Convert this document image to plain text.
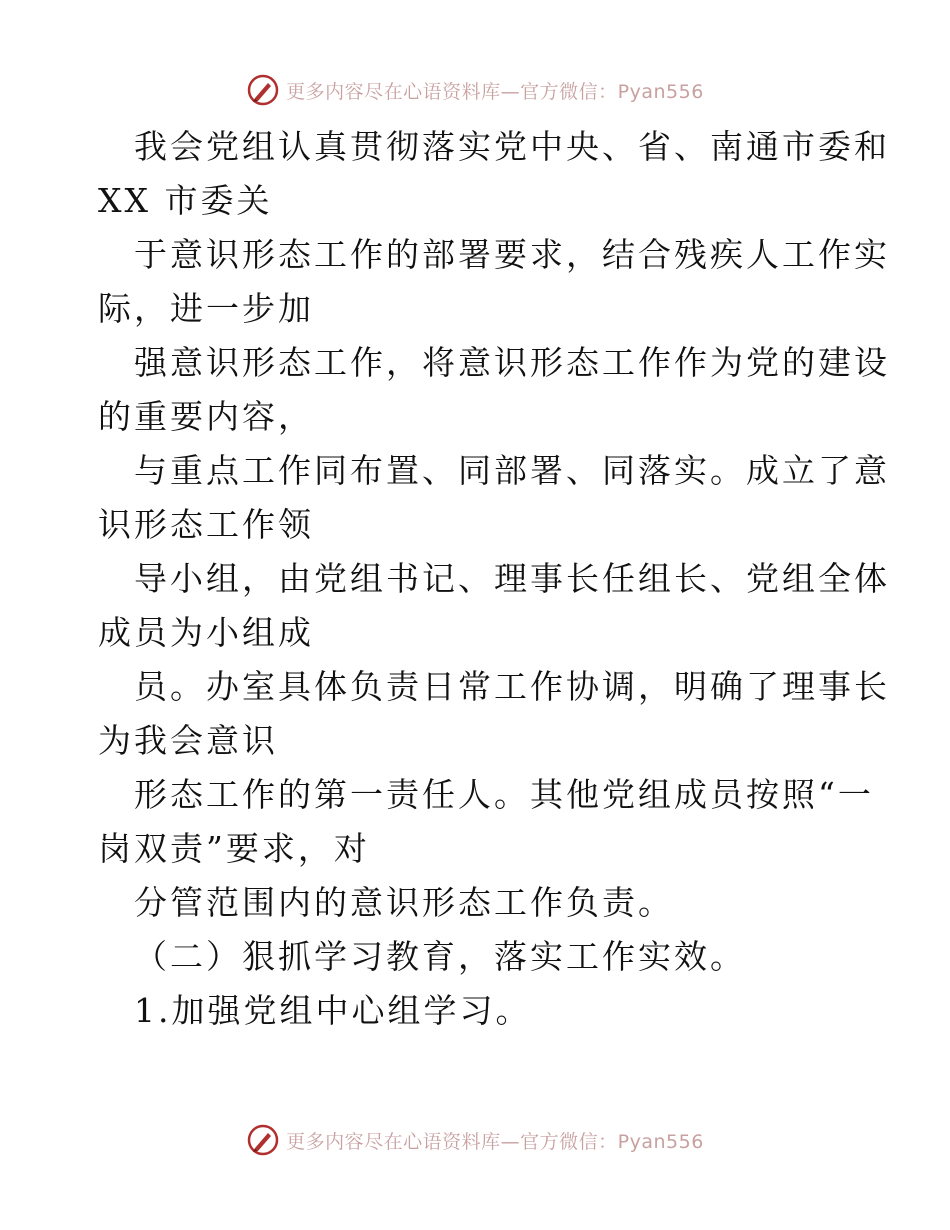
更多内容尽在心语资料库—官方微信：Pyan556
我会党组认真贯彻落实党中央、省、南通市委和
XX 市委关
于意识形态工作的部署要求，结合残疾人工作实
际，进一步加
强意识形态工作，将意识形态工作作为党的建设
的重要内容，
与重点工作同布置、同部署、同落实。成立了意
识形态工作领
导小组，由党组书记、理事长任组长、党组全体
成员为小组成
员。办室具体负责日常工作协调，明确了理事长
为我会意识
形态工作的第一责任人。其他党组成员按照“一
岗双责”要求，对
分管范围内的意识形态工作负责。
（二）狠抓学习教育，落实工作实效。
1.加强党组中心组学习。
更多内容尽在心语资料库—官方微信：Pyan556
